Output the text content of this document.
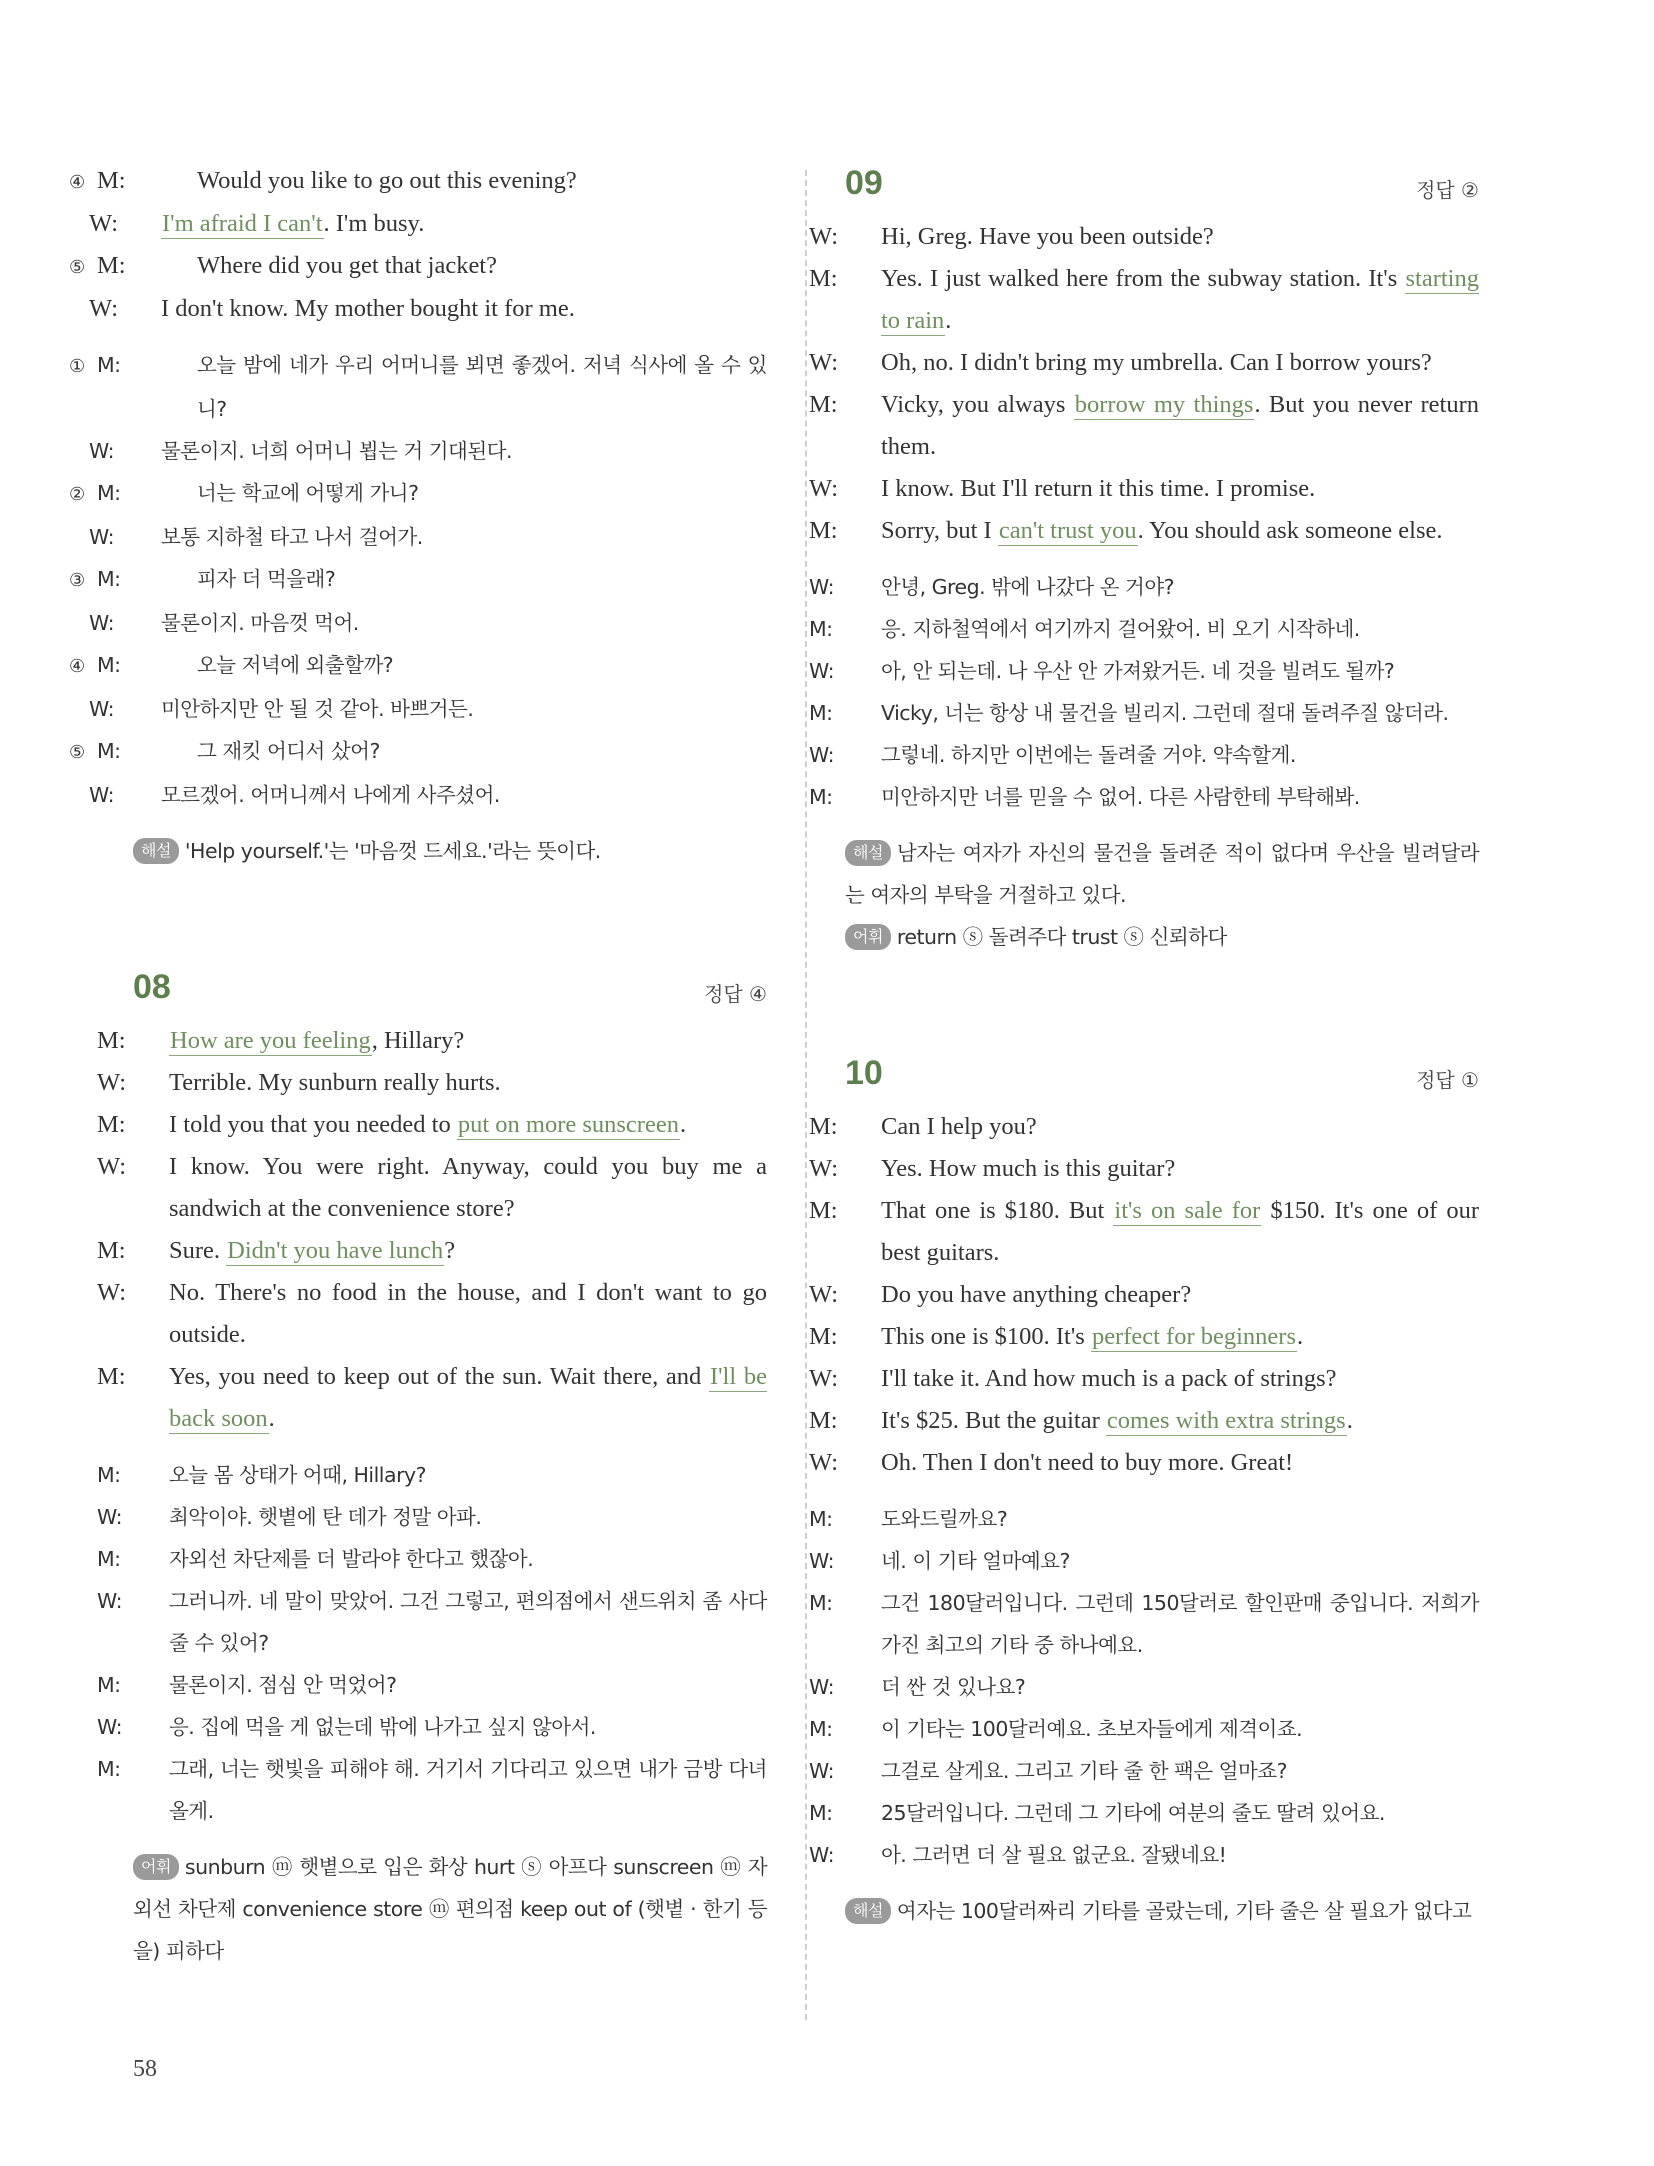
④ M:	Would you like to go out this evening?
W: I'm afraid I can't. I'm busy.
⑤ M:	Where did you get that jacket?
W: I don't know. My mother bought it for me.
① M:	오늘 밤에 네가 우리 어머니를 뵈면 좋겠어. 저녁 식사에 올 수 있니?
W: 물론이지. 너희 어머니 뵙는 거 기대된다.
② M:	너는 학교에 어떻게 가니?
W: 보통 지하철 타고 나서 걸어가.
③ M:	피자 더 먹을래?
W: 물론이지. 마음껏 먹어.
④ M:	오늘 저녁에 외출할까?
W: 미안하지만 안 될 것 같아. 바쁘거든.
⑤ M:	그 재킷 어디서 샀어?
W: 모르겠어. 어머니께서 나에게 사주셨어.
해설 'Help yourself.'는 '마음껏 드세요.'라는 뜻이다.
08	정답 ④
M: How are you feeling, Hillary?
W: Terrible. My sunburn really hurts.
M: I told you that you needed to put on more sunscreen.
W: I know. You were right. Anyway, could you buy me a sandwich at the convenience store?
M: Sure. Didn't you have lunch?
W: No. There's no food in the house, and I don't want to go outside.
M: Yes, you need to keep out of the sun. Wait there, and I'll be back soon.
M: 오늘 몸 상태가 어때, Hillary?
W: 최악이야. 햇볕에 탄 데가 정말 아파.
M: 자외선 차단제를 더 발라야 한다고 했잖아.
W: 그러니까. 네 말이 맞았어. 그건 그렇고, 편의점에서 샌드위치 좀 사다 줄 수 있어?
M: 물론이지. 점심 안 먹었어?
W: 응. 집에 먹을 게 없는데 밖에 나가고 싶지 않아서.
M: 그래, 너는 햇빛을 피해야 해. 거기서 기다리고 있으면 내가 금방 다녀올게.
어휘 sunburn ⓜ 햇볕으로 입은 화상 hurt ⓢ 아프다 sunscreen ⓜ 자외선 차단제 convenience store ⓜ 편의점 keep out of (햇볕 · 한기 등을) 피하다
09	정답 ②
W: Hi, Greg. Have you been outside?
M: Yes. I just walked here from the subway station. It's starting to rain.
W: Oh, no. I didn't bring my umbrella. Can I borrow yours?
M: Vicky, you always borrow my things. But you never return them.
W: I know. But I'll return it this time. I promise.
M: Sorry, but I can't trust you. You should ask someone else.
W: 안녕, Greg. 밖에 나갔다 온 거야?
M: 응. 지하철역에서 여기까지 걸어왔어. 비 오기 시작하네.
W: 아, 안 되는데. 나 우산 안 가져왔거든. 네 것을 빌려도 될까?
M: Vicky, 너는 항상 내 물건을 빌리지. 그런데 절대 돌려주질 않더라.
W: 그렇네. 하지만 이번에는 돌려줄 거야. 약속할게.
M: 미안하지만 너를 믿을 수 없어. 다른 사람한테 부탁해봐.
해설 남자는 여자가 자신의 물건을 돌려준 적이 없다며 우산을 빌려달라는 여자의 부탁을 거절하고 있다.
어휘 return ⓢ 돌려주다 trust ⓢ 신뢰하다
10	정답 ①
M: Can I help you?
W: Yes. How much is this guitar?
M: That one is $180. But it's on sale for $150. It's one of our best guitars.
W: Do you have anything cheaper?
M: This one is $100. It's perfect for beginners.
W: I'll take it. And how much is a pack of strings?
M: It's $25. But the guitar comes with extra strings.
W: Oh. Then I don't need to buy more. Great!
M: 도와드릴까요?
W: 네. 이 기타 얼마예요?
M: 그건 180달러입니다. 그런데 150달러로 할인판매 중입니다. 저희가 가진 최고의 기타 중 하나예요.
W: 더 싼 것 있나요?
M: 이 기타는 100달러예요. 초보자들에게 제격이죠.
W: 그걸로 살게요. 그리고 기타 줄 한 팩은 얼마죠?
M: 25달러입니다. 그런데 그 기타에 여분의 줄도 딸려 있어요.
W: 아. 그러면 더 살 필요 없군요. 잘됐네요!
해설 여자는 100달러짜리 기타를 골랐는데, 기타 줄은 살 필요가 없다고
58
